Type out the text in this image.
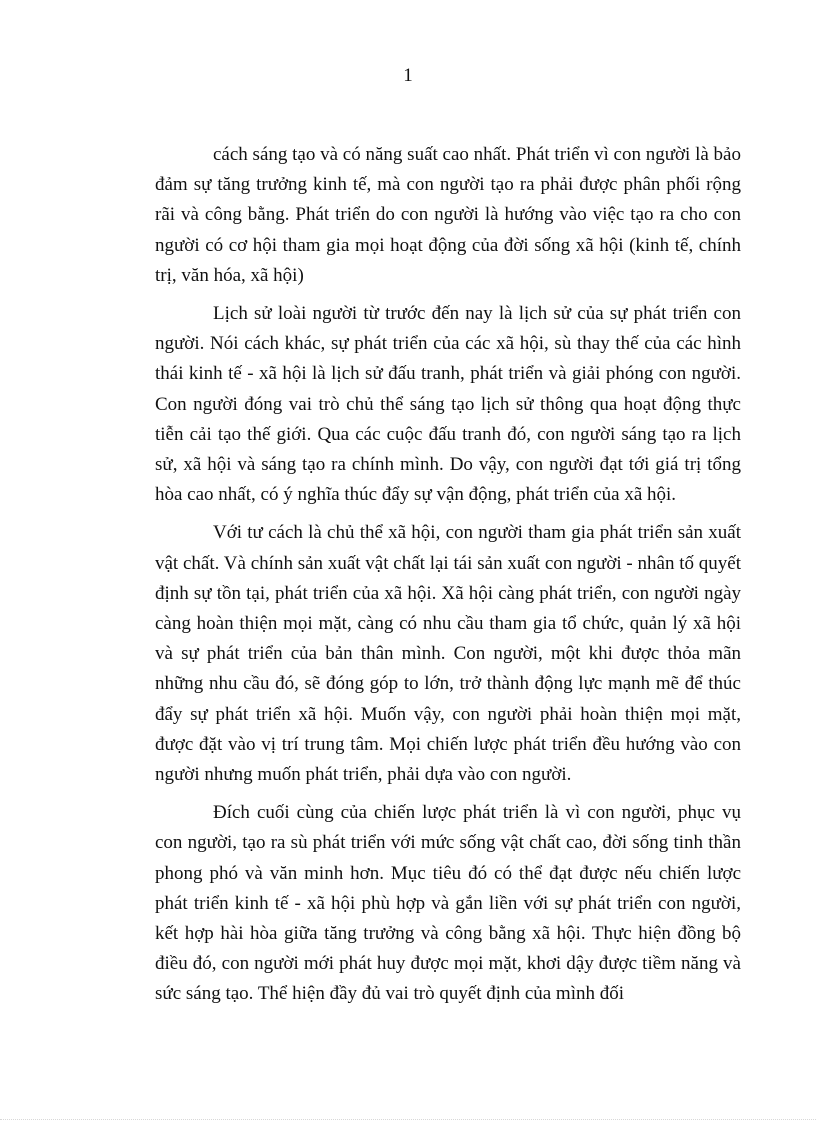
1

cách sáng tạo và có năng suất cao nhất. Phát triển vì con người là bảo đảm sự tăng trưởng kinh tế, mà con người tạo ra phải được phân phối rộng rãi và công bằng. Phát triển do con người là hướng vào việc tạo ra cho con người có cơ hội tham gia mọi hoạt động của đời sống xã hội (kinh tế, chính trị, văn hóa, xã hội)

Lịch sử loài người từ trước đến nay là lịch sử của sự phát triển con người. Nói cách khác, sự phát triển của các xã hội, sù thay thế của các hình thái kinh tế - xã hội là lịch sử đấu tranh, phát triển và giải phóng con người. Con người đóng vai trò chủ thể sáng tạo lịch sử thông qua hoạt động thực tiễn cải tạo thế giới. Qua các cuộc đấu tranh đó, con người sáng tạo ra lịch sử, xã hội và sáng tạo ra chính mình. Do vậy, con người đạt tới giá trị tổng hòa cao nhất, có ý nghĩa thúc đẩy sự vận động, phát triển của xã hội.

Với tư cách là chủ thể xã hội, con người tham gia phát triển sản xuất vật chất. Và chính sản xuất vật chất lại tái sản xuất con người - nhân tố quyết định sự tồn tại, phát triển của xã hội. Xã hội càng phát triển, con người ngày càng hoàn thiện mọi mặt, càng có nhu cầu tham gia tổ chức, quản lý xã hội và sự phát triển của bản thân mình. Con người, một khi được thỏa mãn những nhu cầu đó, sẽ đóng góp to lớn, trở thành động lực mạnh mẽ để thúc đẩy sự phát triển xã hội. Muốn vậy, con người phải hoàn thiện mọi mặt, được đặt vào vị trí trung tâm. Mọi chiến lược phát triển đều hướng vào con người nhưng muốn phát triển, phải dựa vào con người.

Đích cuối cùng của chiến lược phát triển là vì con người, phục vụ con người, tạo ra sù phát triển với mức sống vật chất cao, đời sống tinh thần phong phó và văn minh hơn. Mục tiêu đó có thể đạt được nếu chiến lược phát triển kinh tế - xã hội phù hợp và gắn liền với sự phát triển con người, kết hợp hài hòa giữa tăng trưởng và công bằng xã hội. Thực hiện đồng bộ điều đó, con người mới phát huy được mọi mặt, khơi dậy được tiềm năng và sức sáng tạo. Thể hiện đầy đủ vai trò quyết định của mình đối
